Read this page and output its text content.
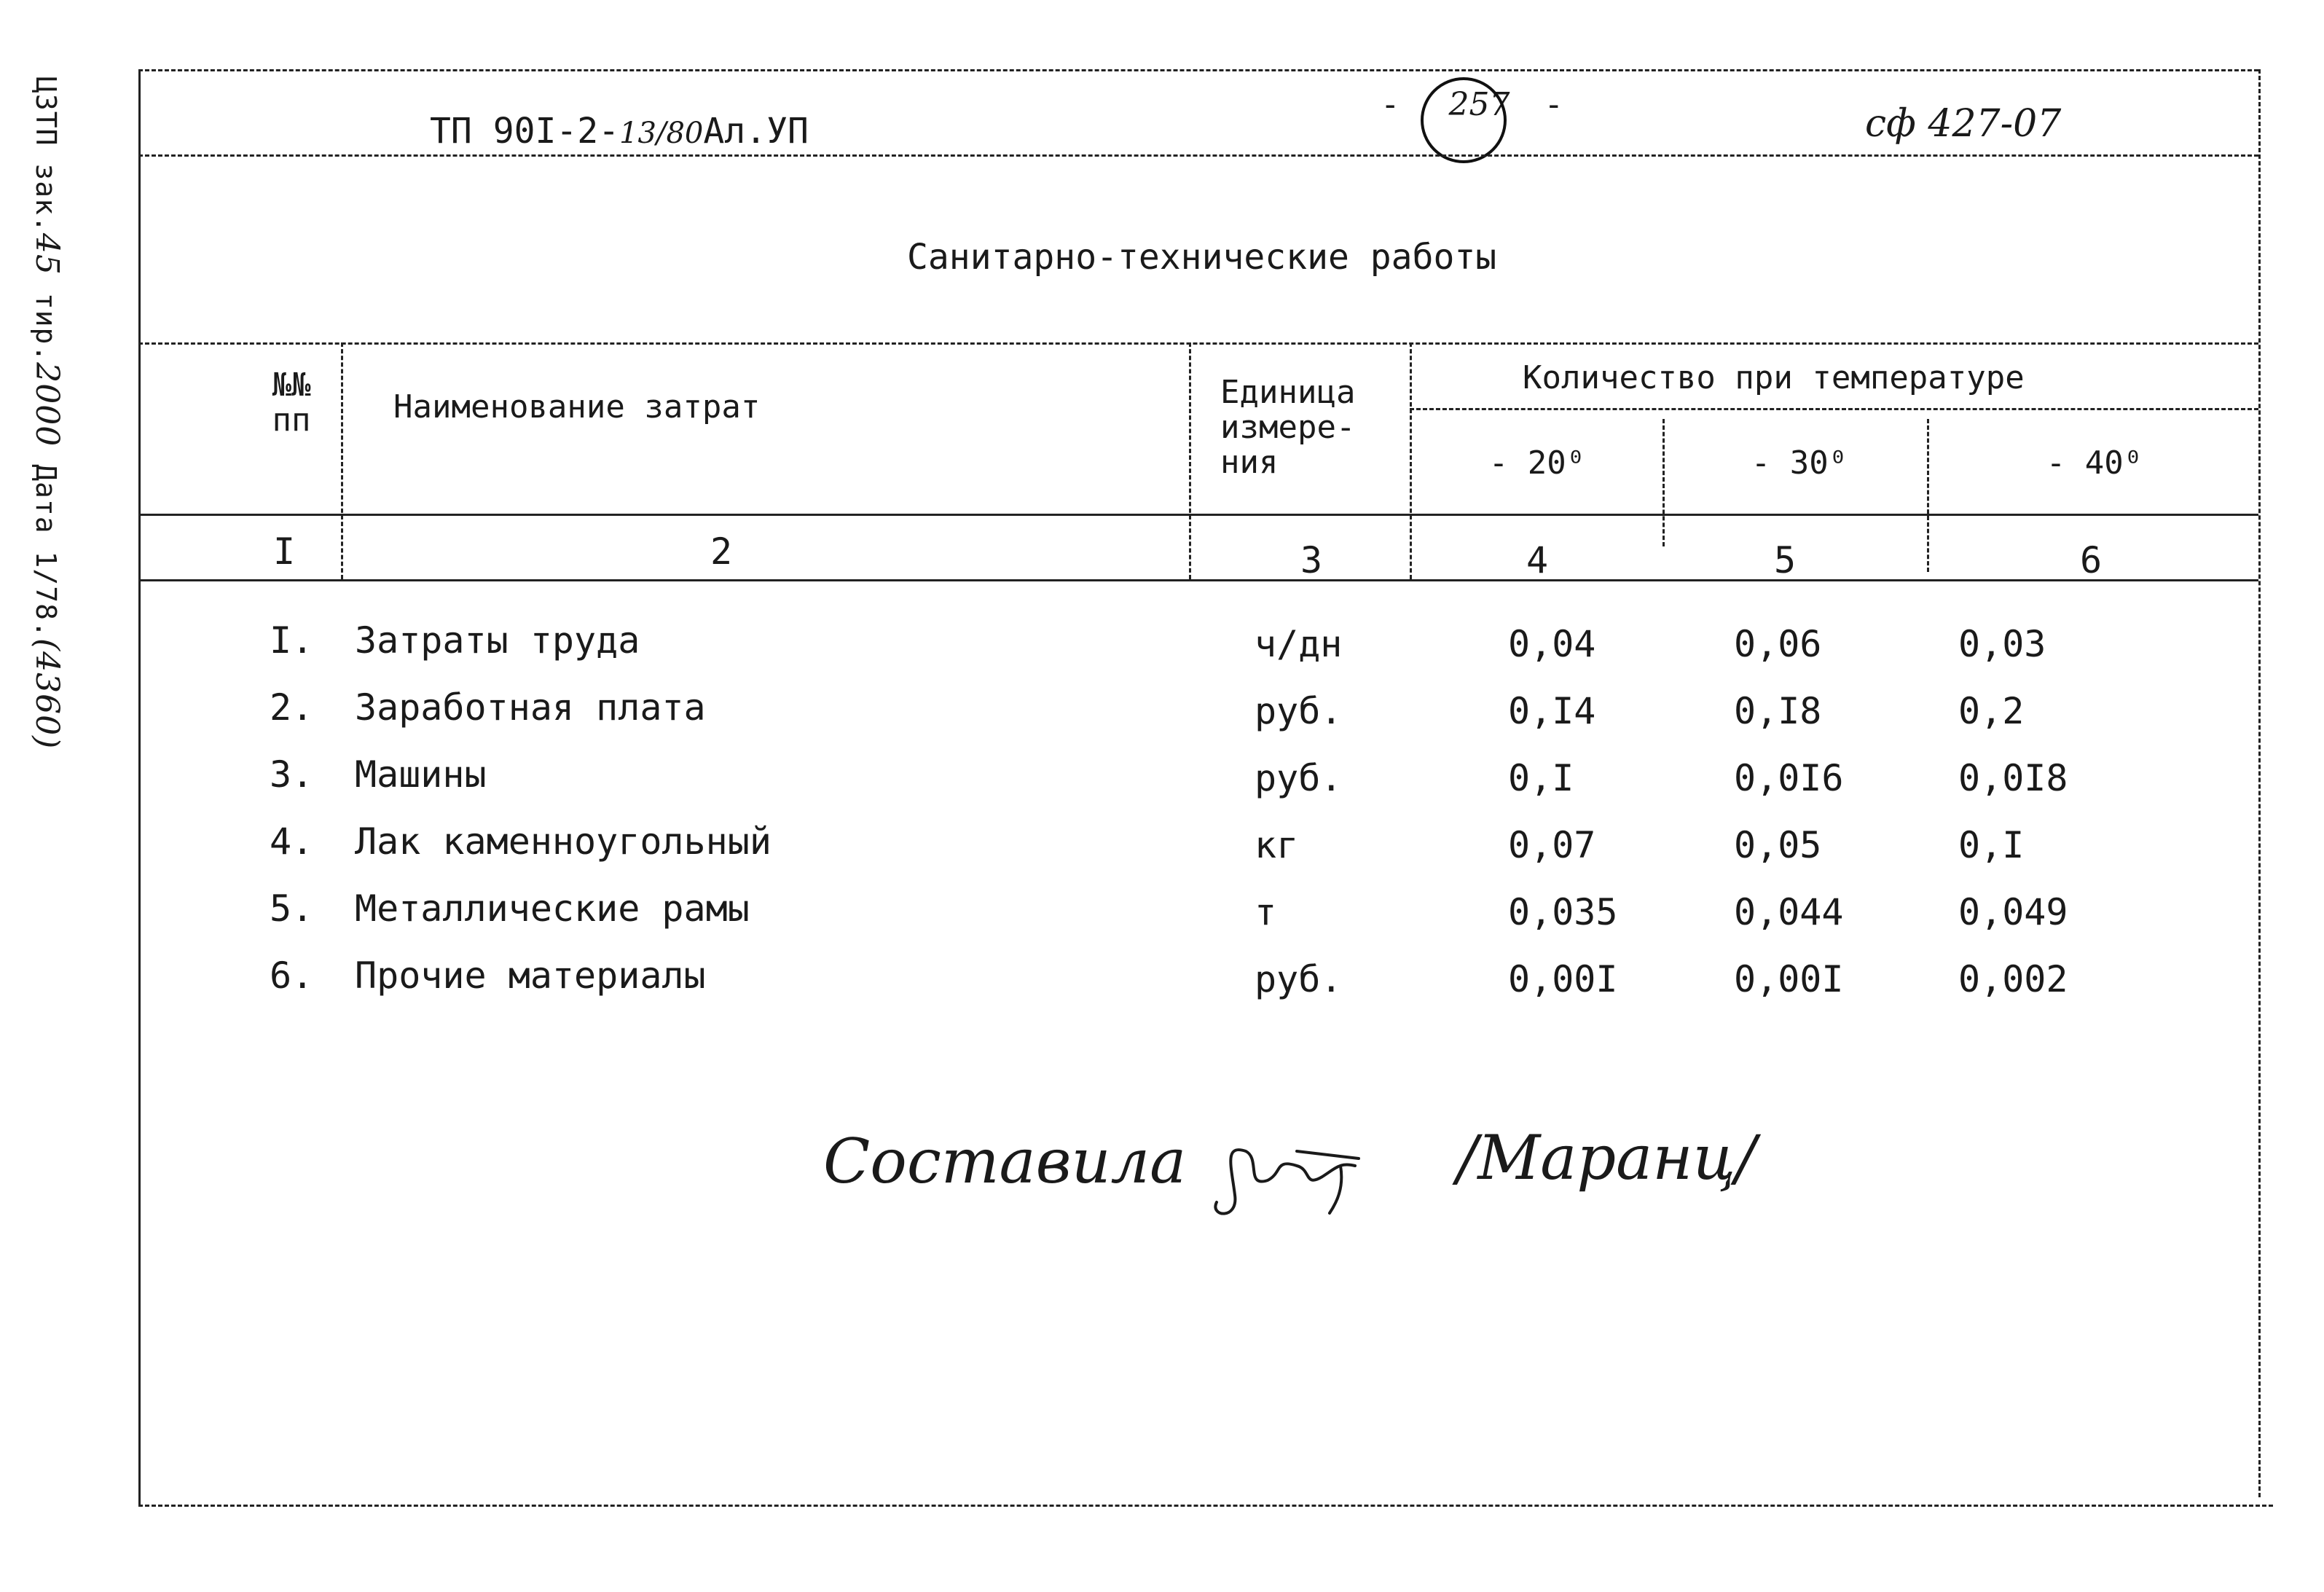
ЦЗТП зак.45 тир.2000 Дата 1/78.(4360)
ТП 90I-2-13/80Ал.УП
- 257 -	сф 427-07
Санитарно-технические работы
№№
пп	Наименование затрат	Единица
измере-
ния
Количество при температуре
- 20⁰	- 30⁰	- 40⁰
I	2	3	4	5	6
I. Затраты труда	ч/дн	0,04	0,06	0,03
2. Заработная плата	руб.	0,I4	0,I8	0,2
3. Машины	руб.	0,I	0,0I6	0,0I8
4. Лак каменноугольный	кг	0,07	0,05	0,I
5. Металлические рамы	т	0,035	0,044	0,049
6. Прочие материалы	руб.	0,00I	0,00I	0,002
Составила	/Маранц/
